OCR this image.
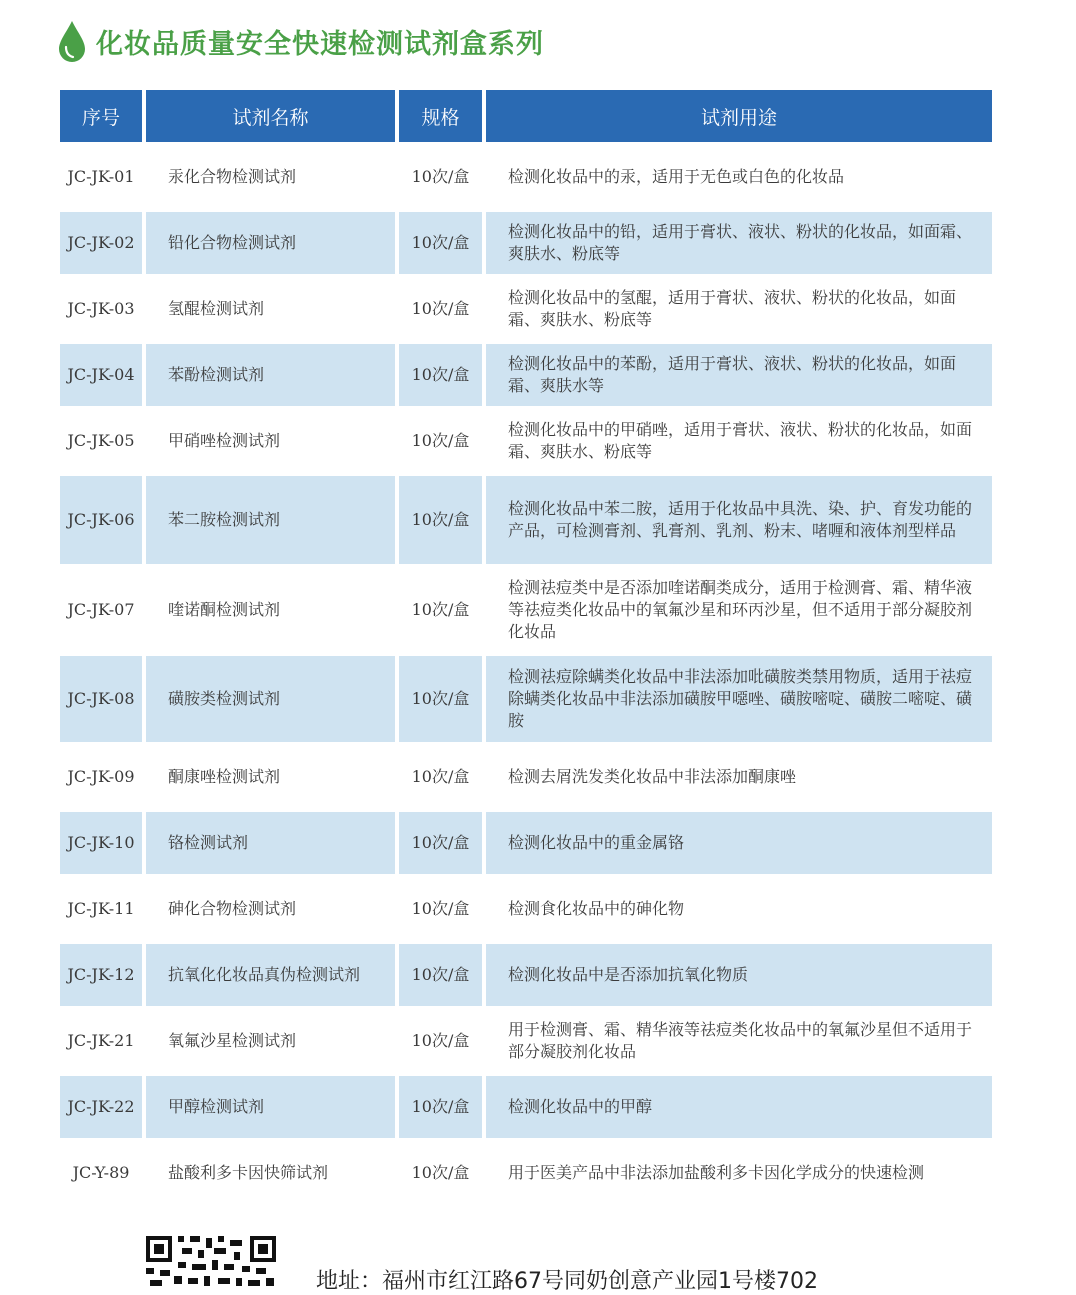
化妆品质量安全快速检测试剂盒系列
序号	试剂名称	规格	试剂用途
JC-JK-01	汞化合物检测试剂	10次/盒	检测化妆品中的汞，适用于无色或白色的化妆品
JC-JK-02	铅化合物检测试剂	10次/盒	检测化妆品中的铅，适用于膏状、液状、粉状的化妆品，如面霜、爽肤水、粉底等
JC-JK-03	氢醌检测试剂	10次/盒	检测化妆品中的氢醌，适用于膏状、液状、粉状的化妆品，如面霜、爽肤水、粉底等
JC-JK-04	苯酚检测试剂	10次/盒	检测化妆品中的苯酚，适用于膏状、液状、粉状的化妆品，如面霜、爽肤水等
JC-JK-05	甲硝唑检测试剂	10次/盒	检测化妆品中的甲硝唑，适用于膏状、液状、粉状的化妆品，如面霜、爽肤水、粉底等
JC-JK-06	苯二胺检测试剂	10次/盒	检测化妆品中苯二胺，适用于化妆品中具洗、染、护、育发功能的产品，可检测膏剂、乳膏剂、乳剂、粉末、啫喱和液体剂型样品
JC-JK-07	喹诺酮检测试剂	10次/盒	检测祛痘类中是否添加喹诺酮类成分，适用于检测膏、霜、精华液等祛痘类化妆品中的氧氟沙星和环丙沙星，但不适用于部分凝胶剂化妆品
JC-JK-08	磺胺类检测试剂	10次/盒	检测祛痘除螨类化妆品中非法添加吡磺胺类禁用物质，适用于祛痘除螨类化妆品中非法添加磺胺甲噁唑、磺胺嘧啶、磺胺二嘧啶、磺胺
JC-JK-09	酮康唑检测试剂	10次/盒	检测去屑洗发类化妆品中非法添加酮康唑
JC-JK-10	铬检测试剂	10次/盒	检测化妆品中的重金属铬
JC-JK-11	砷化合物检测试剂	10次/盒	检测食化妆品中的砷化物
JC-JK-12	抗氧化化妆品真伪检测试剂	10次/盒	检测化妆品中是否添加抗氧化物质
JC-JK-21	氧氟沙星检测试剂	10次/盒	用于检测膏、霜、精华液等祛痘类化妆品中的氧氟沙星但不适用于部分凝胶剂化妆品
JC-JK-22	甲醇检测试剂	10次/盒	检测化妆品中的甲醇
JC-Y-89	盐酸利多卡因快筛试剂	10次/盒	用于医美产品中非法添加盐酸利多卡因化学成分的快速检测
地址：福州市红江路67号同奶创意产业园1号楼702
